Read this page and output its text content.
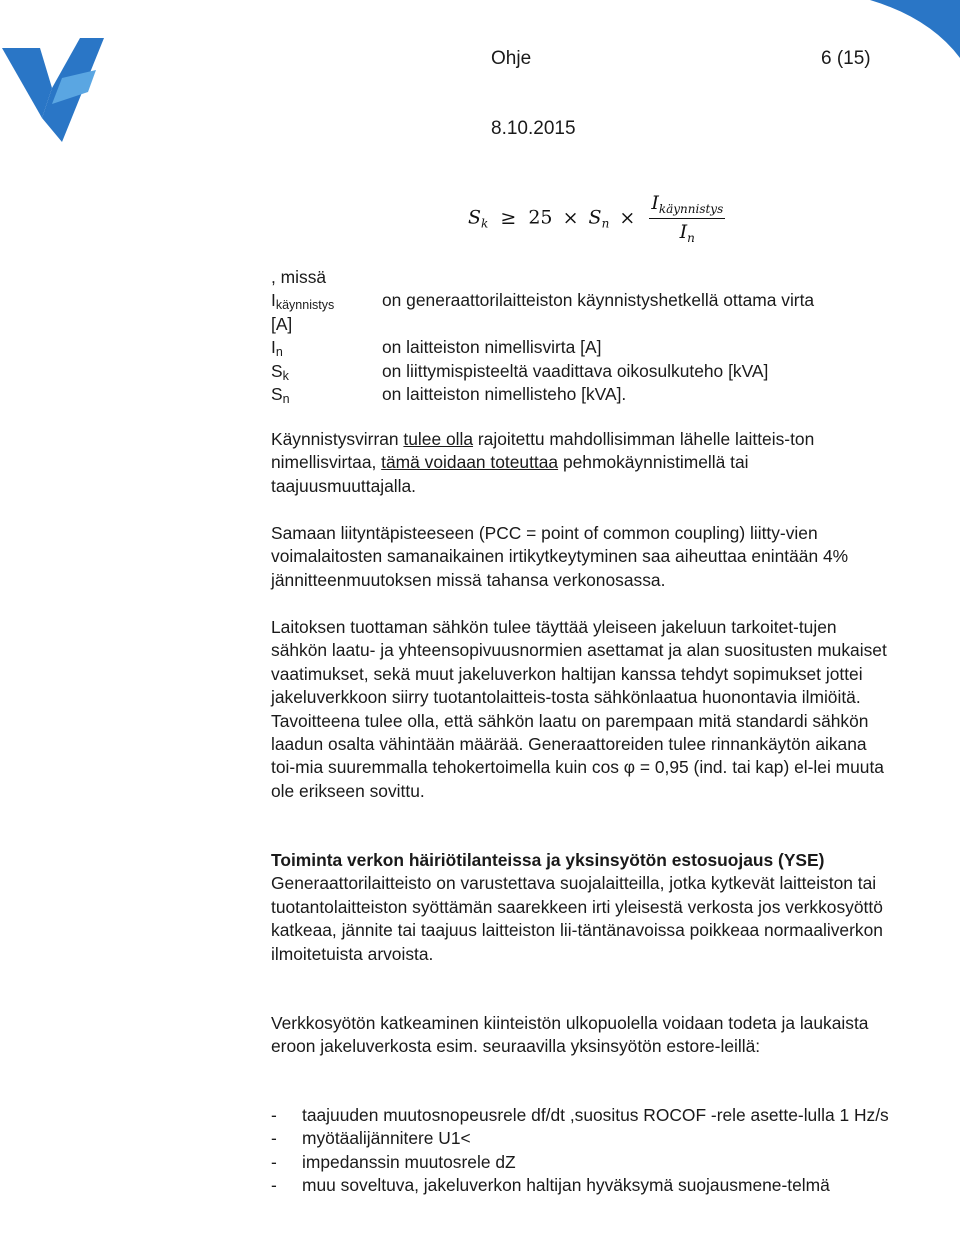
Ohje	6 (15)
8.10.2015
$S_k \ge 25 \times S_n \times \frac{I_{käynnistys}}{I_n}$
, missä
Ikäynnistys	on generaattorilaitteiston käynnistyshetkellä ottama virta
[A]
In	on laitteiston nimellisvirta [A]
Sk	on liittymispisteeltä vaadittava oikosulkuteho [kVA]
Sn	on laitteiston nimellisteho [kVA].

Käynnistysvirran tulee olla rajoitettu mahdollisimman lähelle laitteis-ton nimellisvirtaa, tämä voidaan toteuttaa pehmokäynnistimellä tai taajuusmuuttajalla.

Samaan liityntäpisteeseen (PCC = point of common coupling) liitty-vien voimalaitosten samanaikainen irtikytkeytyminen saa aiheuttaa enintään 4% jännitteenmuutoksen missä tahansa verkonosassa.

Laitoksen tuottaman sähkön tulee täyttää yleiseen jakeluun tarkoitet-tujen sähkön laatu- ja yhteensopivuusnormien asettamat ja alan suositusten mukaiset vaatimukset, sekä muut jakeluverkon haltijan kanssa tehdyt sopimukset jottei jakeluverkkoon siirry tuotantolaitteis-tosta sähkönlaatua huonontavia ilmiöitä. Tavoitteena tulee olla, että sähkön laatu on parempaan mitä standardi sähkön laadun osalta vähintään määrää. Generaattoreiden tulee rinnankäytön aikana toi-mia suuremmalla tehokertoimella kuin cos φ = 0,95 (ind. tai kap) el-lei muuta ole erikseen sovittu.

Toiminta verkon häiriötilanteissa ja yksinsyötön estosuojaus (YSE)

Generaattorilaitteisto on varustettava suojalaitteilla, jotka kytkevät laitteiston tai tuotantolaitteiston syöttämän saarekkeen irti yleisestä verkosta jos verkkosyöttö katkeaa, jännite tai taajuus laitteiston lii-täntänavoissa poikkeaa normaaliverkon ilmoitetuista arvoista.

Verkkosyötön katkeaminen kiinteistön ulkopuolella voidaan todeta ja laukaista eroon jakeluverkosta esim. seuraavilla yksinsyötön estore-leillä:

- taajuuden muutosnopeusrele df/dt ,suositus ROCOF -rele asette-lulla 1 Hz/s
- myötäalijännitere U1<
- impedanssin muutosrele dZ
- muu soveltuva, jakeluverkon haltijan hyväksymä suojausmene-telmä
